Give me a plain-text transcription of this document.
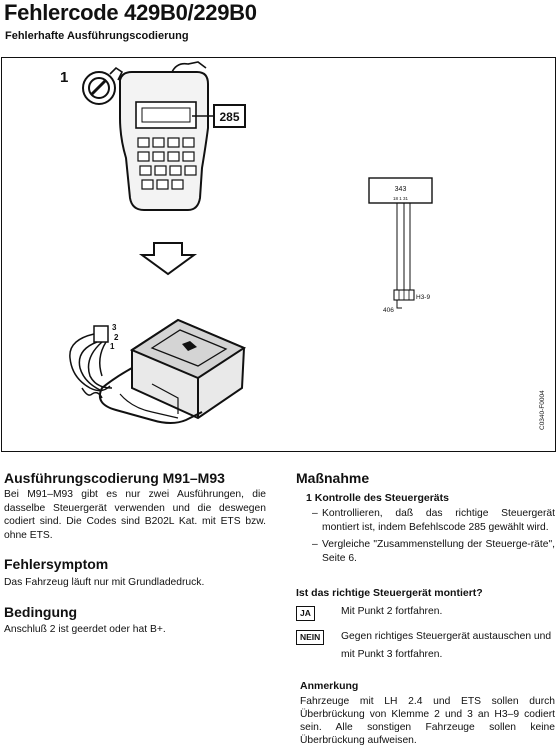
Fehlercode 429B0/229B0
Fehlerhafte Ausführungscodierung
1
285
3
2
1
343
18 1 31
H3-9
406
C0340-F0004
Ausführungscodierung M91–M93
Bei M91–M93 gibt es nur zwei Ausführungen, die dasselbe Steuergerät verwenden und die deswegen codiert sind. Die Codes sind B202L Kat. mit ETS bzw. ohne ETS.
Fehlersymptom
Das Fahrzeug läuft nur mit Grundladedruck.
Bedingung
Anschluß 2 ist geerdet oder hat B+.
Maßnahme
1 Kontrolle des Steuergeräts
– Kontrollieren, daß das richtige Steuergerät montiert ist, indem Befehlscode 285 gewählt wird.
– Vergleiche "Zusammenstellung der Steuerge-räte", Seite 6.
Ist das richtige Steuergerät montiert?
JA	Mit Punkt 2 fortfahren.
NEIN	Gegen richtiges Steuergerät austauschen und mit Punkt 3 fortfahren.
Anmerkung
Fahrzeuge mit LH 2.4 und ETS sollen durch Überbrückung von Klemme 2 und 3 an H3–9 codiert sein. Alle sonstigen Fahrzeuge sollen keine Überbrückung aufweisen.
